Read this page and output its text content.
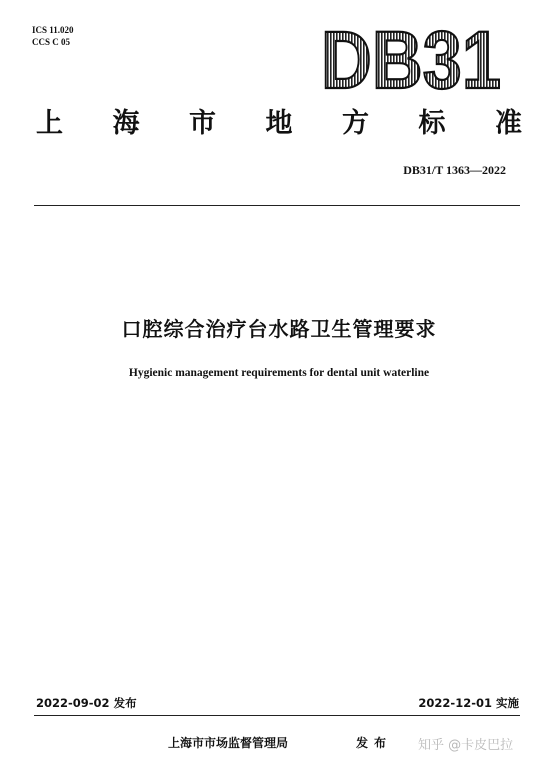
ICS 11.020
CCS C 05	DB31
上 海 市 地 方 标 准
DB31/T 1363—2022
口腔综合治疗台水路卫生管理要求
Hygienic management requirements for dental unit waterline
2022-09-02 发布	2022-12-01 实施
上海市市场监督管理局	发布 知乎 @卡皮巴拉
